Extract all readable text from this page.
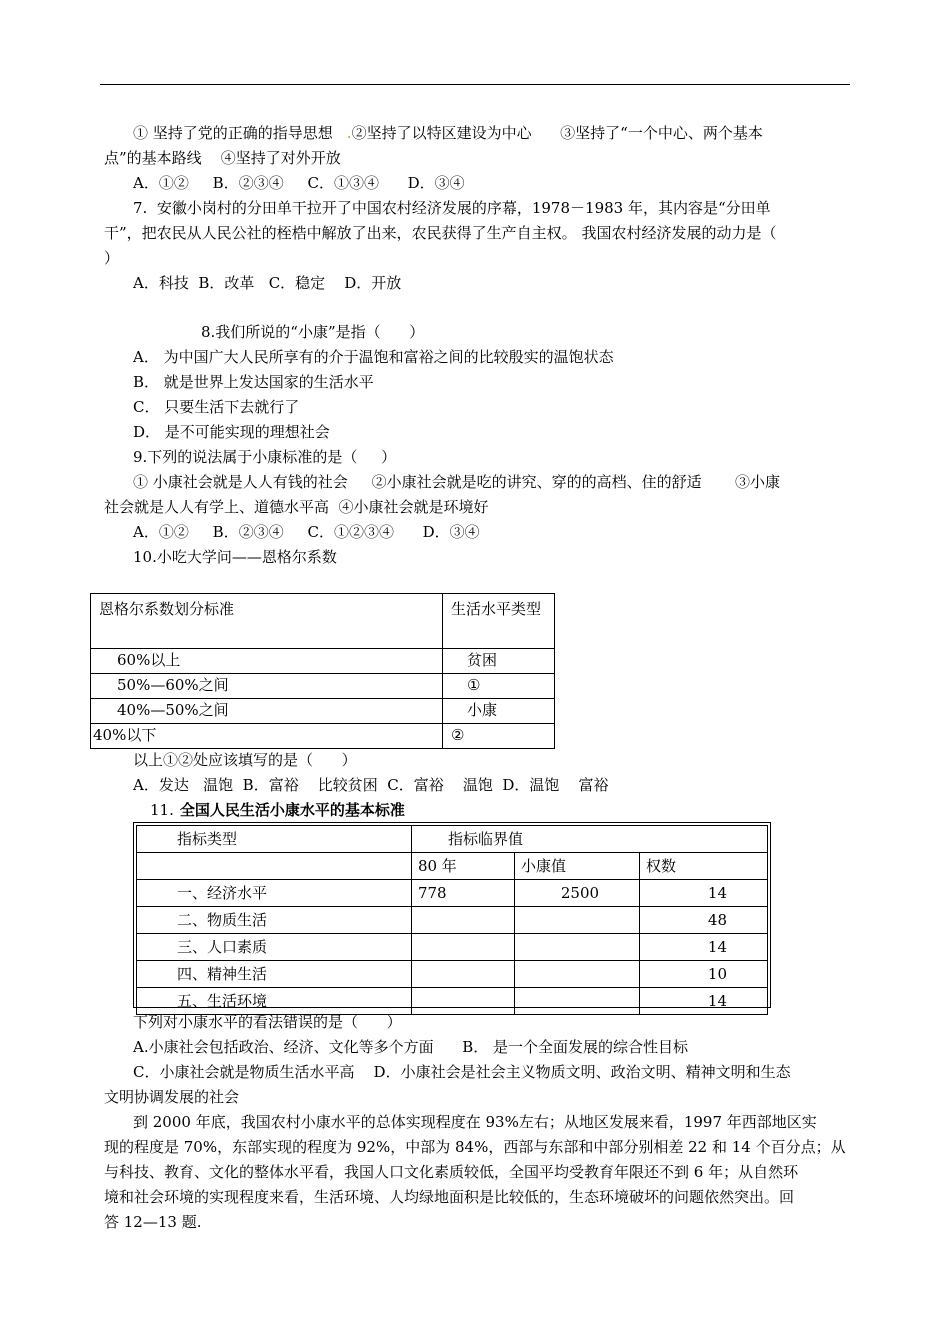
① 坚持了党的正确的指导思想 .②坚持了以特区建设为中心      ③坚持了“一个中心、两个基本
点”的基本路线    ④坚持了对外开放
A．①②     B．②③④     C．①③④      D．③④
7.  安徽小岗村的分田单干拉开了中国农村经济发展的序幕，1978－1983 年，其内容是“分田单
干”，把农民从人民公社的桎梏中解放了出来，农民获得了生产自主权。 我国农村经济发展的动力是（
）
A．科技  B．改革   C．稳定    D．开放
8.我们所说的“小康”是指（      ）
A． 为中国广大人民所享有的介于温饱和富裕之间的比较殷实的温饱状态
B． 就是世界上发达国家的生活水平
C． 只要生活下去就行了
D． 是不可能实现的理想社会
9.下列的说法属于小康标准的是（     ）
① 小康社会就是人人有钱的社会     ②小康社会就是吃的讲究、穿的的高档、住的舒适       ③小康
社会就是人人有学上、道德水平高  ④小康社会就是环境好
A．①②     B．②③④     C．①②③④      D．③④
10.小吃大学问——恩格尔系数
恩格尔系数划分标准	生活水平类型
60%以上	贫困
50%—60%之间	①
40%—50%之间	小康
40%以下	②
以上①②处应该填写的是（      ）
A．发达   温饱  B．富裕    比较贫困  C．富裕    温饱  D．温饱    富裕
11. 全国人民生活小康水平的基本标准
指标类型	指标临界值		
	80 年	小康值	权数
一、经济水平	778	2500	14
二、物质生活			48
三、人口素质			14
四、精神生活			10
五、生活环境			14
下列对小康水平的看法错误的是（      ）
A.小康社会包括政治、经济、文化等多个方面      B． 是一个全面发展的综合性目标
C．小康社会就是物质生活水平高    D．小康社会是社会主义物质文明、政治文明、精神文明和生态
文明协调发展的社会
到 2000 年底，我国农村小康水平的总体实现程度在 93%左右；从地区发展来看，1997 年西部地区实
现的程度是 70%，东部实现的程度为 92%，中部为 84%，西部与东部和中部分别相差 22 和 14 个百分点；从
与科技、教育、文化的整体水平看，我国人口文化素质较低，全国平均受教育年限还不到 6 年；从自然环
境和社会环境的实现程度来看，生活环境、人均绿地面积是比较低的，生态环境破坏的问题依然突出。回
答 12—13 题.
